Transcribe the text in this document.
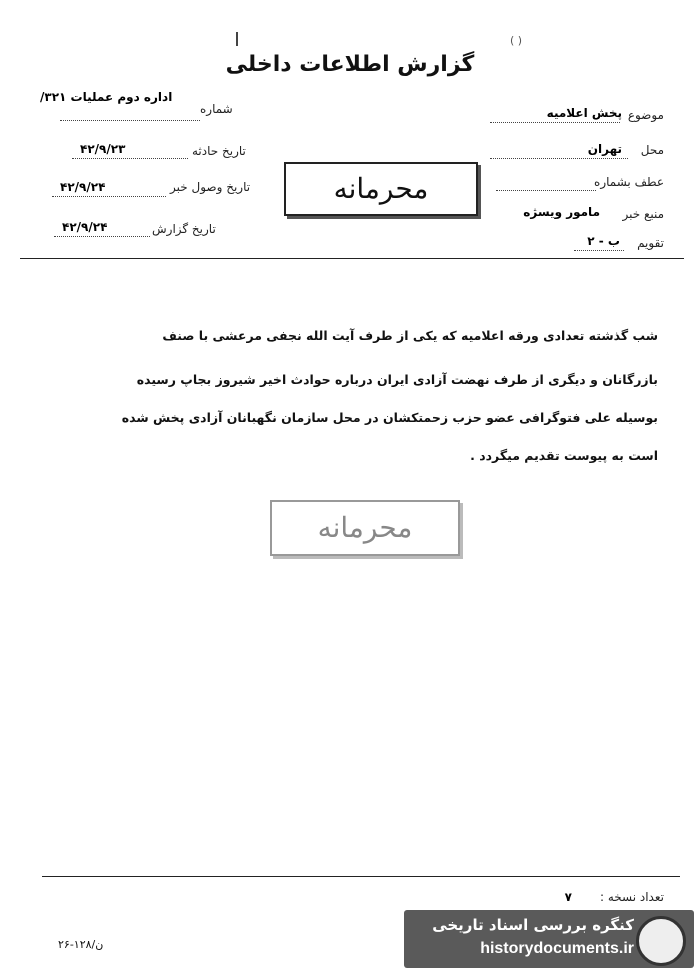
( )
گزارش اطلاعات داخلی
شماره
اداره دوم عملیات ۳۲۱/
تاریخ حادثه
۴۲/۹/۲۳
تاریخ وصول خبر
۴۲/۹/۲۴
تاریخ گزارش
۴۲/۹/۲۴
موضوع
پخش اعلامیه
محل
تهران
عطف بشماره
منبع خبر
مامور ویسژه
تقویم
ب - ۲
محرمانه
شب گذشته تعدادی ورقه اعلامیه که یکی از طرف آیت الله نجفی مرعشی با صنف
بازرگانان و دیگری از طرف نهضت آزادی ایران درباره حوادث اخیر شیروز بجاپ رسیده
بوسیله علی فتوگرافی عضو حزب زحمتکشان در محل سازمان نگهبانان آزادی پخش شده
است به پیوست تقدیم میگردد .
محرمانه
تعداد نسخه :
۷
۲۶-۱۲۸/ن
کنگره بررسی اسناد تاریخی
historydocuments.ir
